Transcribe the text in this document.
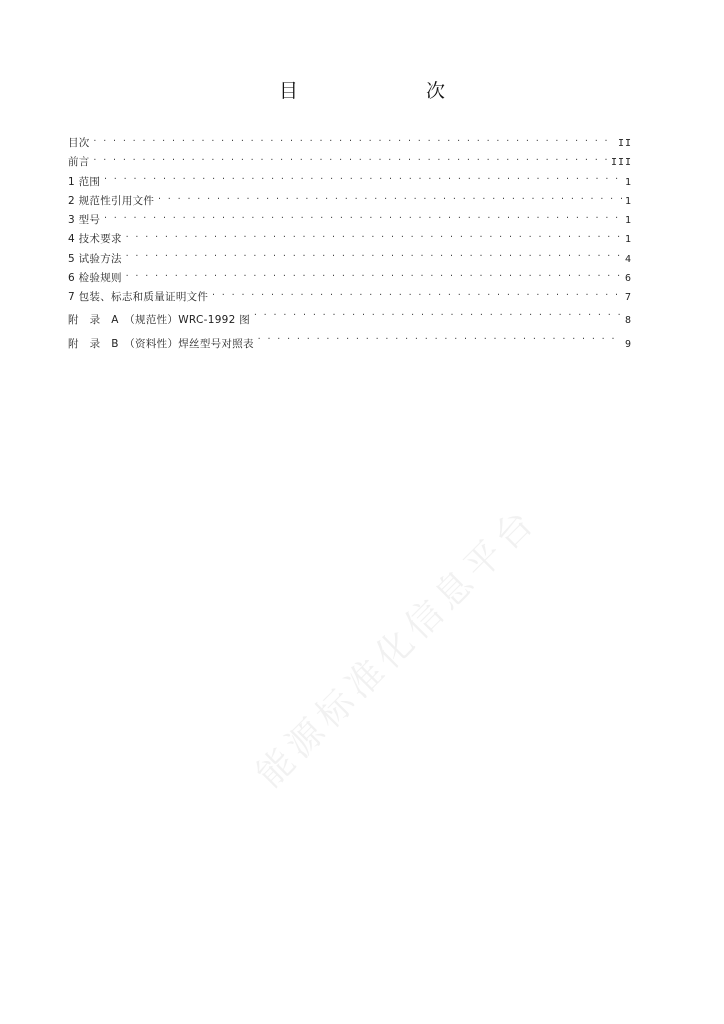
目　　次
目次 . . .	II
前言 . . .	III
1 范围 . . .	1
2 规范性引用文件 . . .	1
3 型号 . . .	1
4 技术要求 . . .	1
5 试验方法 . . .	4
6 检验规则 . . .	6
7 包装、标志和质量证明文件 . . .	7
附　录　A　（规范性）WRC-1992 图 . . .	8
附　录　B　（资料性）焊丝型号对照表 . . .	9
能源标准化信息平台
